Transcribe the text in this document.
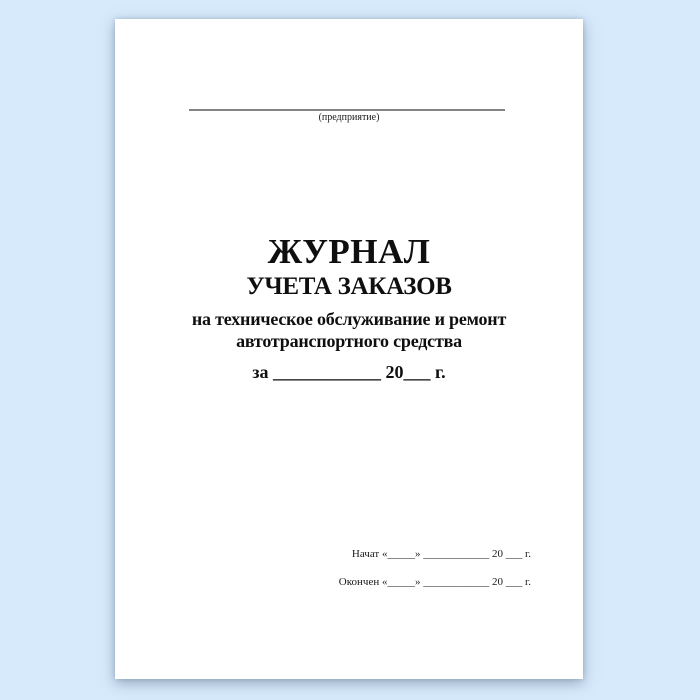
(предприятие)
ЖУРНАЛ
УЧЕТА ЗАКАЗОВ
на техническое обслуживание и ремонт
автотранспортного средства
за ____________ 20___ г.
Начат «_____» ____________ 20 ___ г.
Окончен «_____» ____________ 20 ___ г.
